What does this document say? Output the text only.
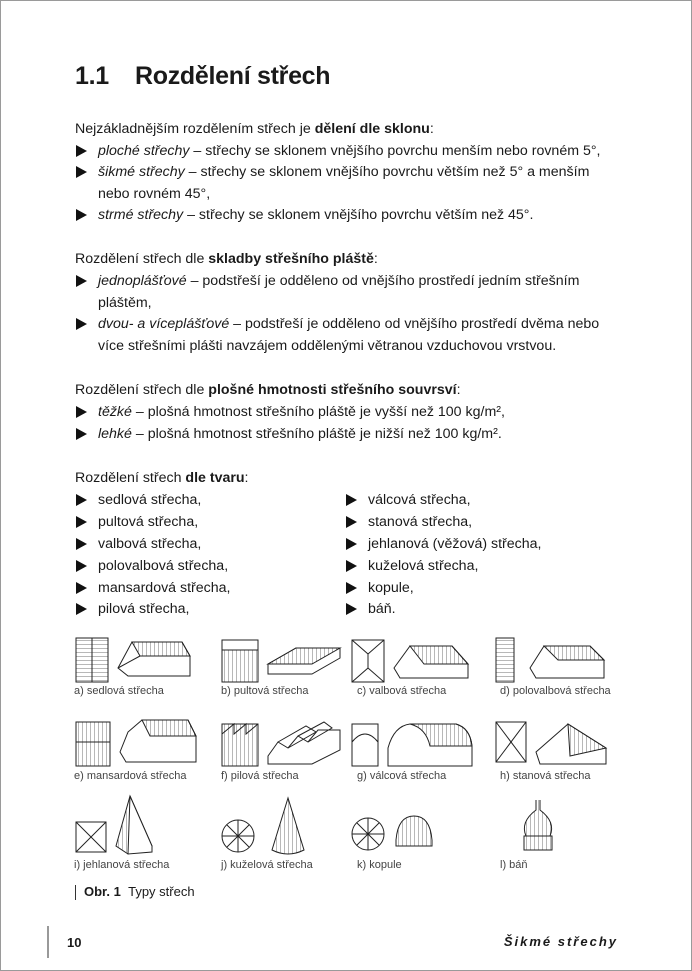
1.1 Rozdělení střech
Nejzákladnějším rozdělením střech je dělení dle sklonu:
ploché střechy – střechy se sklonem vnějšího povrchu menším nebo rovném 5°,
šikmé střechy – střechy se sklonem vnějšího povrchu větším než 5° a menším
nebo rovném 45°,
strmé střechy – střechy se sklonem vnějšího povrchu větším než 45°.
Rozdělení střech dle skladby střešního pláště:
jednoplášťové – podstřeší je odděleno od vnějšího prostředí jedním střešním
pláštěm,
dvou- a víceplášťové – podstřeší je odděleno od vnějšího prostředí dvěma nebo
více střešními plášti navzájem oddělenými větranou vzduchovou vrstvou.
Rozdělení střech dle plošné hmotnosti střešního souvrsví:
těžké – plošná hmotnost střešního pláště je vyšší než 100 kg/m²,
lehké – plošná hmotnost střešního pláště je nižší než 100 kg/m².
Rozdělení střech dle tvaru:
sedlová střecha,
pultová střecha,
valbová střecha,
polovalbová střecha,
mansardová střecha,
pilová střecha,
válcová střecha,
stanová střecha,
jehlanová (věžová) střecha,
kuželová střecha,
kopule,
báň.
a) sedlová střecha	b) pultová střecha	c) valbová střecha	d) polovalbová střecha
e) mansardová střecha	f) pilová střecha	g) válcová střecha	h) stanová střecha
i) jehlanová střecha	j) kuželová střecha	k) kopule	l) báň
Obr. 1 Typy střech
10	Šikmé střechy
